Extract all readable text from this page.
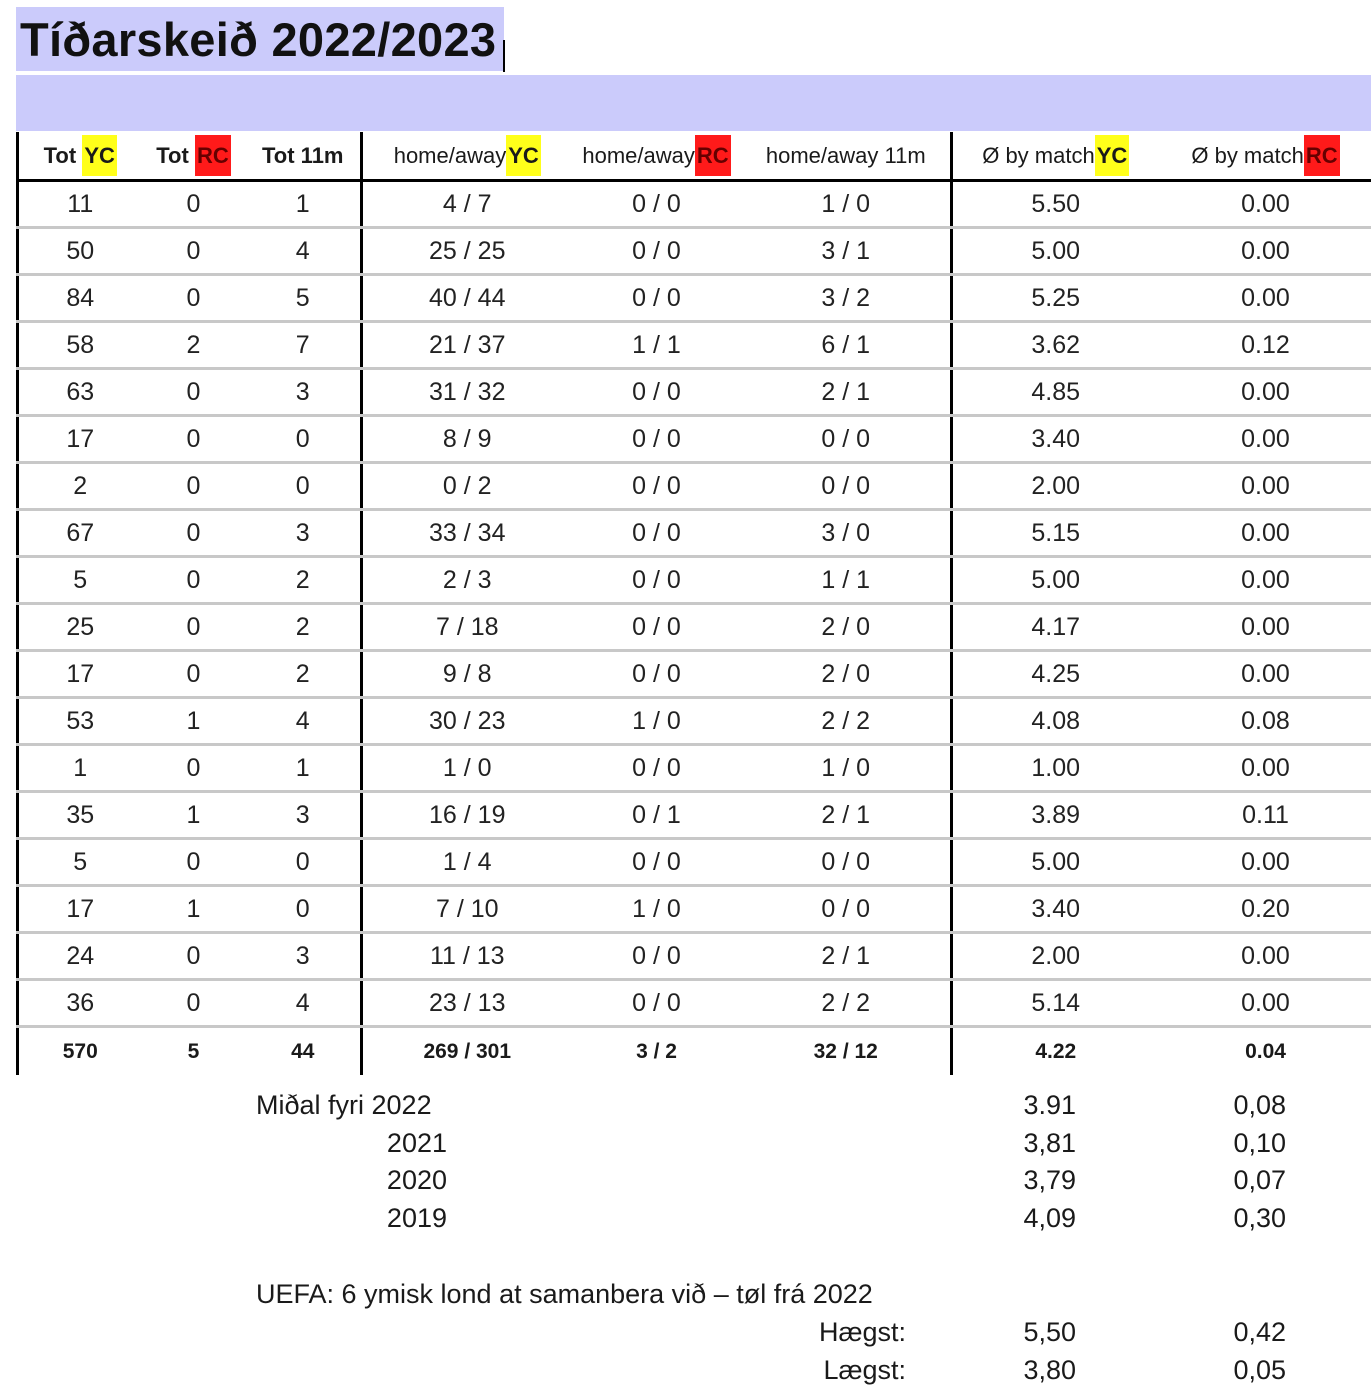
Tíðarskeið 2022/2023
Tot YC	Tot RC	Tot 11m	home/awayYC	home/awayRC	home/away 11m	Ø by matchYC	Ø by matchRC
11	0	1	4 / 7	0 / 0	1 / 0	5.50	0.00
50	0	4	25 / 25	0 / 0	3 / 1	5.00	0.00
84	0	5	40 / 44	0 / 0	3 / 2	5.25	0.00
58	2	7	21 / 37	1 / 1	6 / 1	3.62	0.12
63	0	3	31 / 32	0 / 0	2 / 1	4.85	0.00
17	0	0	8 / 9	0 / 0	0 / 0	3.40	0.00
2	0	0	0 / 2	0 / 0	0 / 0	2.00	0.00
67	0	3	33 / 34	0 / 0	3 / 0	5.15	0.00
5	0	2	2 / 3	0 / 0	1 / 1	5.00	0.00
25	0	2	7 / 18	0 / 0	2 / 0	4.17	0.00
17	0	2	9 / 8	0 / 0	2 / 0	4.25	0.00
53	1	4	30 / 23	1 / 0	2 / 2	4.08	0.08
1	0	1	1 / 0	0 / 0	1 / 0	1.00	0.00
35	1	3	16 / 19	0 / 1	2 / 1	3.89	0.11
5	0	0	1 / 4	0 / 0	0 / 0	5.00	0.00
17	1	0	7 / 10	1 / 0	0 / 0	3.40	0.20
24	0	3	11 / 13	0 / 0	2 / 1	2.00	0.00
36	0	4	23 / 13	0 / 0	2 / 2	5.14	0.00
570	5	44	269 / 301	3 / 2	32 / 12	4.22	0.04
Miðal fyri 2022	3.91	0,08
2021	3,81	0,10
2020	3,79	0,07
2019	4,09	0,30
UEFA: 6 ymisk lond at samanbera við – tøl frá 2022
Hægst:	5,50	0,42
Lægst:	3,80	0,05
